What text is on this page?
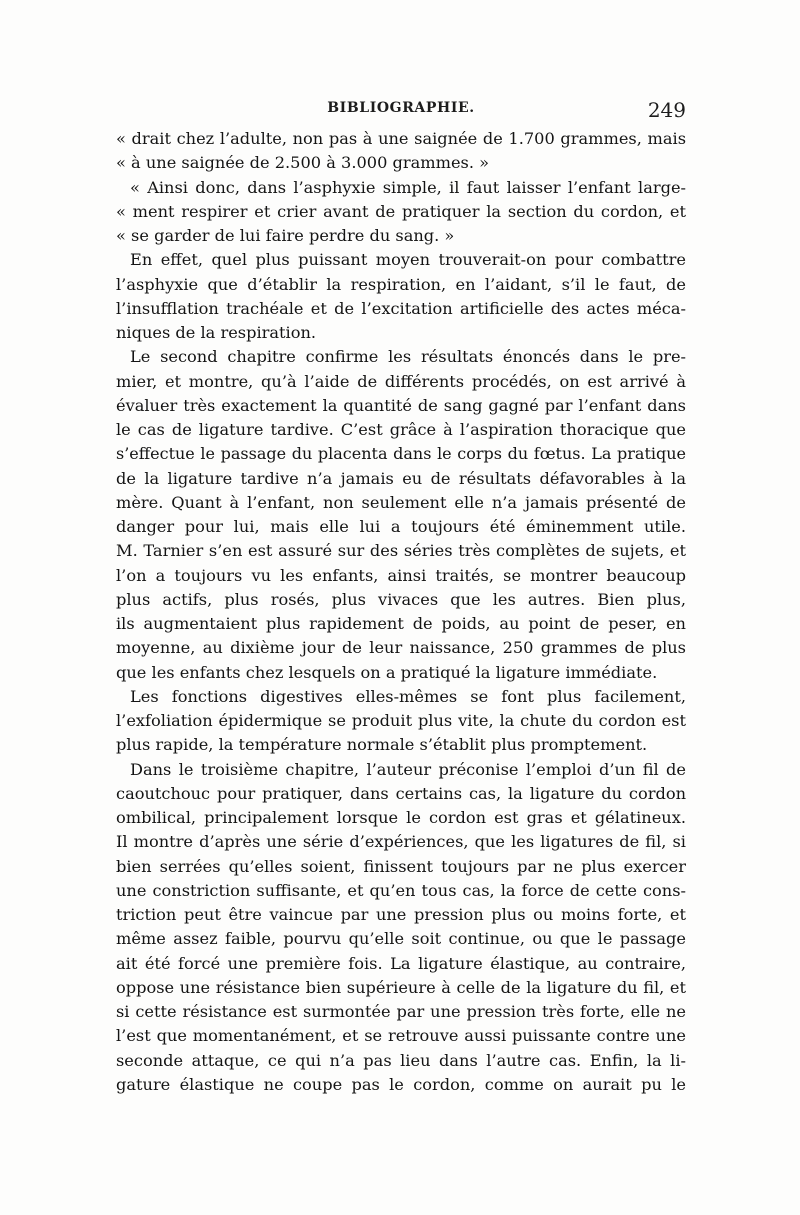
BIBLIOGRAPHIE.	249
« drait chez l’adulte, non pas à une saignée de 1.700 grammes, mais
« à une saignée de 2.500 à 3.000 grammes. »
« Ainsi donc, dans l’asphyxie simple, il faut laisser l’enfant large-
« ment respirer et crier avant de pratiquer la section du cordon, et
« se garder de lui faire perdre du sang. »
En effet, quel plus puissant moyen trouverait-on pour combattre
l’asphyxie que d’établir la respiration, en l’aidant, s’il le faut, de
l’insufflation trachéale et de l’excitation artificielle des actes méca-
niques de la respiration.
Le second chapitre confirme les résultats énoncés dans le pre-
mier, et montre, qu’à l’aide de différents procédés, on est arrivé à
évaluer très exactement la quantité de sang gagné par l’enfant dans
le cas de ligature tardive. C’est grâce à l’aspiration thoracique que
s’effectue le passage du placenta dans le corps du fœtus. La pratique
de la ligature tardive n’a jamais eu de résultats défavorables à la
mère. Quant à l’enfant, non seulement elle n’a jamais présenté de
danger pour lui, mais elle lui a toujours été éminemment utile.
M. Tarnier s’en est assuré sur des séries très complètes de sujets, et
l’on a toujours vu les enfants, ainsi traités, se montrer beaucoup
plus actifs, plus rosés, plus vivaces que les autres. Bien plus,
ils augmentaient plus rapidement de poids, au point de peser, en
moyenne, au dixième jour de leur naissance, 250 grammes de plus
que les enfants chez lesquels on a pratiqué la ligature immédiate.
Les fonctions digestives elles-mêmes se font plus facilement,
l’exfoliation épidermique se produit plus vite, la chute du cordon est
plus rapide, la température normale s’établit plus promptement.
Dans le troisième chapitre, l’auteur préconise l’emploi d’un fil de
caoutchouc pour pratiquer, dans certains cas, la ligature du cordon
ombilical, principalement lorsque le cordon est gras et gélatineux.
Il montre d’après une série d’expériences, que les ligatures de fil, si
bien serrées qu’elles soient, finissent toujours par ne plus exercer
une constriction suffisante, et qu’en tous cas, la force de cette cons-
triction peut être vaincue par une pression plus ou moins forte, et
même assez faible, pourvu qu’elle soit continue, ou que le passage
ait été forcé une première fois. La ligature élastique, au contraire,
oppose une résistance bien supérieure à celle de la ligature du fil, et
si cette résistance est surmontée par une pression très forte, elle ne
l’est que momentanément, et se retrouve aussi puissante contre une
seconde attaque, ce qui n’a pas lieu dans l’autre cas. Enfin, la li-
gature élastique ne coupe pas le cordon, comme on aurait pu le
